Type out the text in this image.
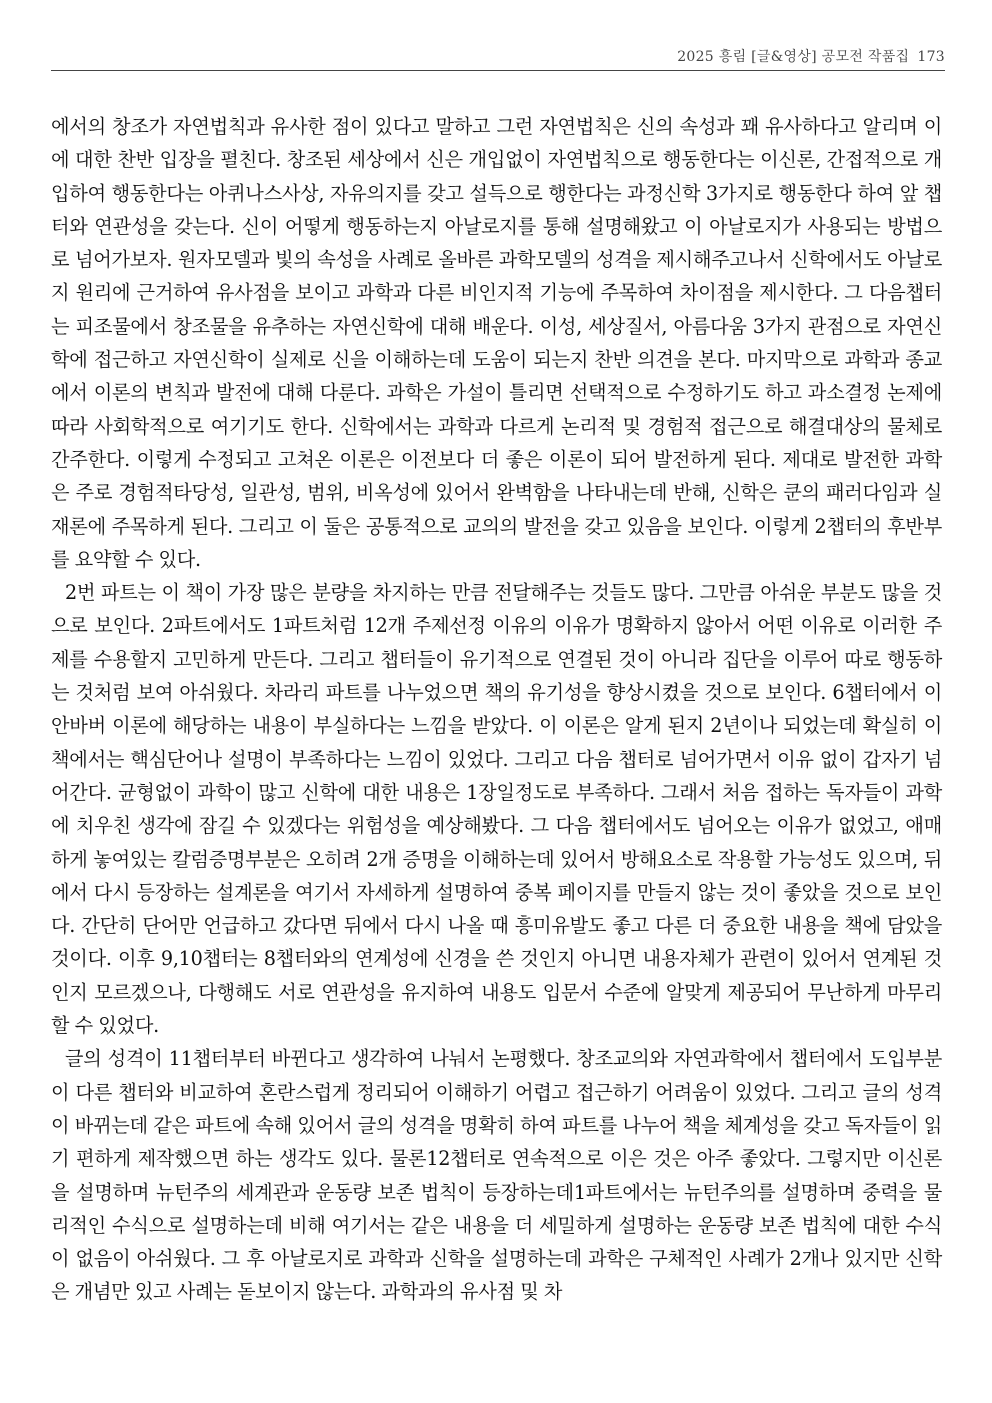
2025 흥림 [글&영상] 공모전 작품집 173

에서의 창조가 자연법칙과 유사한 점이 있다고 말하고 그런 자연법칙은 신의 속성과 꽤 유사하다고 알리며 이에 대한 찬반 입장을 펼친다. 창조된 세상에서 신은 개입없이 자연법칙으로 행동한다는 이신론, 간접적으로 개입하여 행동한다는 아퀴나스사상, 자유의지를 갖고 설득으로 행한다는 과정신학 3가지로 행동한다 하여 앞 챕터와 연관성을 갖는다. 신이 어떻게 행동하는지 아날로지를 통해 설명해왔고 이 아날로지가 사용되는 방법으로 넘어가보자. 원자모델과 빛의 속성을 사례로 올바른 과학모델의 성격을 제시해주고나서 신학에서도 아날로지 원리에 근거하여 유사점을 보이고 과학과 다른 비인지적 기능에 주목하여 차이점을 제시한다. 그 다음챕터는 피조물에서 창조물을 유추하는 자연신학에 대해 배운다. 이성, 세상질서, 아름다움 3가지 관점으로 자연신학에 접근하고 자연신학이 실제로 신을 이해하는데 도움이 되는지 찬반 의견을 본다. 마지막으로 과학과 종교에서 이론의 변칙과 발전에 대해 다룬다. 과학은 가설이 틀리면 선택적으로 수정하기도 하고 과소결정 논제에 따라 사회학적으로 여기기도 한다. 신학에서는 과학과 다르게 논리적 및 경험적 접근으로 해결대상의 물체로 간주한다. 이렇게 수정되고 고쳐온 이론은 이전보다 더 좋은 이론이 되어 발전하게 된다. 제대로 발전한 과학은 주로 경험적타당성, 일관성, 범위, 비옥성에 있어서 완벽함을 나타내는데 반해, 신학은 쿤의 패러다임과 실재론에 주목하게 된다. 그리고 이 둘은 공통적으로 교의의 발전을 갖고 있음을 보인다. 이렇게 2챕터의 후반부를 요약할 수 있다.

2번 파트는 이 책이 가장 많은 분량을 차지하는 만큼 전달해주는 것들도 많다. 그만큼 아쉬운 부분도 많을 것으로 보인다. 2파트에서도 1파트처럼 12개 주제선정 이유의 이유가 명확하지 않아서 어떤 이유로 이러한 주제를 수용할지 고민하게 만든다. 그리고 챕터들이 유기적으로 연결된 것이 아니라 집단을 이루어 따로 행동하는 것처럼 보여 아쉬웠다. 차라리 파트를 나누었으면 책의 유기성을 향상시켰을 것으로 보인다. 6챕터에서 이안바버 이론에 해당하는 내용이 부실하다는 느낌을 받았다. 이 이론은 알게 된지 2년이나 되었는데 확실히 이 책에서는 핵심단어나 설명이 부족하다는 느낌이 있었다. 그리고 다음 챕터로 넘어가면서 이유 없이 갑자기 넘어간다. 균형없이 과학이 많고 신학에 대한 내용은 1장일정도로 부족하다. 그래서 처음 접하는 독자들이 과학에 치우친 생각에 잠길 수 있겠다는 위험성을 예상해봤다. 그 다음 챕터에서도 넘어오는 이유가 없었고, 애매하게 놓여있는 칼럼증명부분은 오히려 2개 증명을 이해하는데 있어서 방해요소로 작용할 가능성도 있으며, 뒤에서 다시 등장하는 설계론을 여기서 자세하게 설명하여 중복 페이지를 만들지 않는 것이 좋았을 것으로 보인다. 간단히 단어만 언급하고 갔다면 뒤에서 다시 나올 때 흥미유발도 좋고 다른 더 중요한 내용을 책에 담았을 것이다. 이후 9,10챕터는 8챕터와의 연계성에 신경을 쓴 것인지 아니면 내용자체가 관련이 있어서 연계된 것인지 모르겠으나, 다행해도 서로 연관성을 유지하여 내용도 입문서 수준에 알맞게 제공되어 무난하게 마무리할 수 있었다.

글의 성격이 11챕터부터 바뀐다고 생각하여 나눠서 논평했다. 창조교의와 자연과학에서 챕터에서 도입부분이 다른 챕터와 비교하여 혼란스럽게 정리되어 이해하기 어렵고 접근하기 어려움이 있었다. 그리고 글의 성격이 바뀌는데 같은 파트에 속해 있어서 글의 성격을 명확히 하여 파트를 나누어 책을 체계성을 갖고 독자들이 읽기 편하게 제작했으면 하는 생각도 있다. 물론12챕터로 연속적으로 이은 것은 아주 좋았다. 그렇지만 이신론을 설명하며 뉴턴주의 세계관과 운동량 보존 법칙이 등장하는데1파트에서는 뉴턴주의를 설명하며 중력을 물리적인 수식으로 설명하는데 비해 여기서는 같은 내용을 더 세밀하게 설명하는 운동량 보존 법칙에 대한 수식이 없음이 아쉬웠다. 그 후 아날로지로 과학과 신학을 설명하는데 과학은 구체적인 사례가 2개나 있지만 신학은 개념만 있고 사례는 돋보이지 않는다. 과학과의 유사점 및 차
